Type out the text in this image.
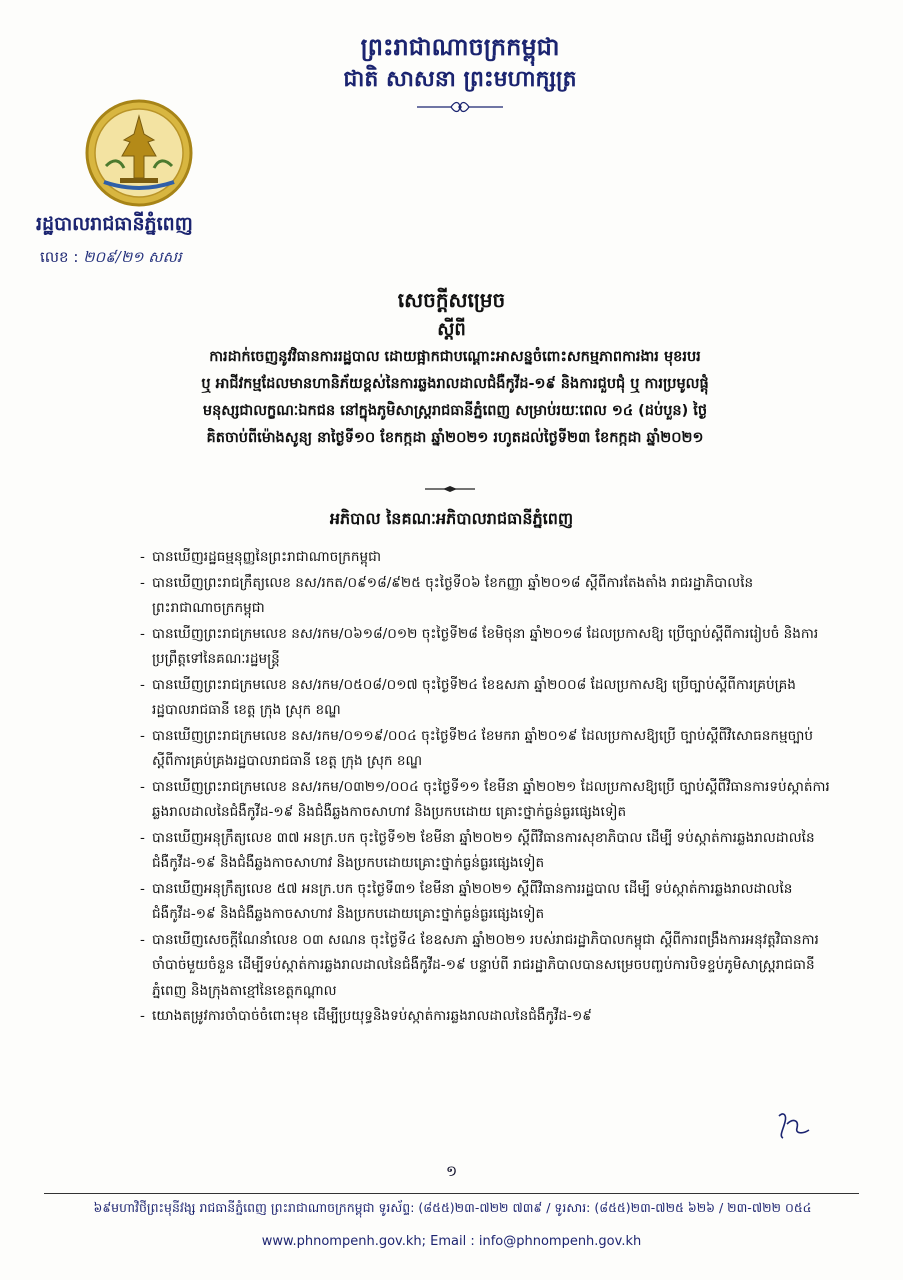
ព្រះរាជាណាចក្រកម្ពុជា
ជាតិ សាសនា ព្រះមហាក្សត្រ
រដ្ឋបាលរាជធានីភ្នំពេញ
លេខ : ២០៩/២១ សសរ
សេចក្តីសម្រេច
ស្តីពី
ការដាក់ចេញនូវវិធានការរដ្ឋបាល ដោយផ្អាកជាបណ្តោះអាសន្នចំពោះសកម្មភាពការងារ មុខរបរ
ឬ អាជីវកម្មដែលមានហានិភ័យខ្ពស់នៃការឆ្លងរាលដាលជំងឺកូវីដ-១៩ និងការជួបជុំ ឬ ការប្រមូលផ្តុំ
មនុស្សជាលក្ខណៈឯកជន នៅក្នុងភូមិសាស្ត្ររាជធានីភ្នំពេញ សម្រាប់រយៈពេល ១៤ (ដប់បួន) ថ្ងៃ
គិតចាប់ពីម៉ោងសូន្យ នាថ្ងៃទី១០ ខែកក្កដា ឆ្នាំ២០២១ រហូតដល់ថ្ងៃទី២៣ ខែកក្កដា ឆ្នាំ២០២១
អភិបាល នៃគណៈអភិបាលរាជធានីភ្នំពេញ
- បានឃើញរដ្ឋធម្មនុញ្ញនៃព្រះរាជាណាចក្រកម្ពុជា
- បានឃើញព្រះរាជក្រឹត្យលេខ នស/រកត/០៩១៨/៩២៥ ចុះថ្ងៃទី០៦ ខែកញ្ញា ឆ្នាំ២០១៨ ស្តីពីការតែងតាំង រាជរដ្ឋាភិបាលនៃព្រះរាជាណាចក្រកម្ពុជា
- បានឃើញព្រះរាជក្រមលេខ នស/រកម/០៦១៨/០១២ ចុះថ្ងៃទី២៨ ខែមិថុនា ឆ្នាំ២០១៨ ដែលប្រកាសឱ្យ ប្រើច្បាប់ស្តីពីការរៀបចំ និងការប្រព្រឹត្តទៅនៃគណៈរដ្ឋមន្ត្រី
- បានឃើញព្រះរាជក្រមលេខ នស/រកម/០៥០៨/០១៧ ចុះថ្ងៃទី២៤ ខែឧសភា ឆ្នាំ២០០៨ ដែលប្រកាសឱ្យ ប្រើច្បាប់ស្តីពីការគ្រប់គ្រងរដ្ឋបាលរាជធានី ខេត្ត ក្រុង ស្រុក ខណ្ឌ
- បានឃើញព្រះរាជក្រមលេខ នស/រកម/០១១៩/០០៤ ចុះថ្ងៃទី២៤ ខែមករា ឆ្នាំ២០១៩ ដែលប្រកាសឱ្យប្រើ ច្បាប់ស្តីពីវិសោធនកម្មច្បាប់ស្តីពីការគ្រប់គ្រងរដ្ឋបាលរាជធានី ខេត្ត ក្រុង ស្រុក ខណ្ឌ
- បានឃើញព្រះរាជក្រមលេខ នស/រកម/០៣២១/០០៤ ចុះថ្ងៃទី១១ ខែមីនា ឆ្នាំ២០២១ ដែលប្រកាសឱ្យប្រើ ច្បាប់ស្តីពីវិធានការទប់ស្កាត់ការឆ្លងរាលដាលនៃជំងឺកូវីដ-១៩ និងជំងឺឆ្លងកាចសាហាវ និងប្រកបដោយ គ្រោះថ្នាក់ធ្ងន់ធ្ងរផ្សេងទៀត
- បានឃើញអនុក្រឹត្យលេខ ៣៧ អនក្រ.បក ចុះថ្ងៃទី១២ ខែមីនា ឆ្នាំ២០២១ ស្តីពីវិធានការសុខាភិបាល ដើម្បី ទប់ស្កាត់ការឆ្លងរាលដាលនៃជំងឺកូវីដ-១៩ និងជំងឺឆ្លងកាចសាហាវ និងប្រកបដោយគ្រោះថ្នាក់ធ្ងន់ធ្ងរផ្សេងទៀត
- បានឃើញអនុក្រឹត្យលេខ ៥៧ អនក្រ.បក ចុះថ្ងៃទី៣១ ខែមីនា ឆ្នាំ២០២១ ស្តីពីវិធានការរដ្ឋបាល ដើម្បី ទប់ស្កាត់ការឆ្លងរាលដាលនៃជំងឺកូវីដ-១៩ និងជំងឺឆ្លងកាចសាហាវ និងប្រកបដោយគ្រោះថ្នាក់ធ្ងន់ធ្ងរផ្សេងទៀត
- បានឃើញសេចក្តីណែនាំលេខ ០៣ សណន ចុះថ្ងៃទី៤ ខែឧសភា ឆ្នាំ២០២១ របស់រាជរដ្ឋាភិបាលកម្ពុជា ស្តីពីការពង្រឹងការអនុវត្តវិធានការចាំបាច់មួយចំនួន ដើម្បីទប់ស្កាត់ការឆ្លងរាលដាលនៃជំងឺកូវីដ-១៩ បន្ទាប់ពី រាជរដ្ឋាភិបាលបានសម្រេចបញ្ចប់ការបិទខ្ទប់ភូមិសាស្ត្ររាជធានីភ្នំពេញ និងក្រុងតាខ្មៅនៃខេត្តកណ្តាល
- យោងតម្រូវការចាំបាច់ចំពោះមុខ ដើម្បីប្រយុទ្ធនិងទប់ស្កាត់ការឆ្លងរាលដាលនៃជំងឺកូវីដ-១៩
១
៦៩មហាវិថីព្រះមុនីវង្ស រាជធានីភ្នំពេញ ព្រះរាជាណាចក្រកម្ពុជា ទូរស័ព្ទ: (៨៥៥)២៣-៧២២ ៧៣៩ / ទូរសារ: (៨៥៥)២៣-៧២៥ ៦២៦ / ២៣-៧២២ ០៥៤
www.phnompenh.gov.kh; Email : info@phnompenh.gov.kh
